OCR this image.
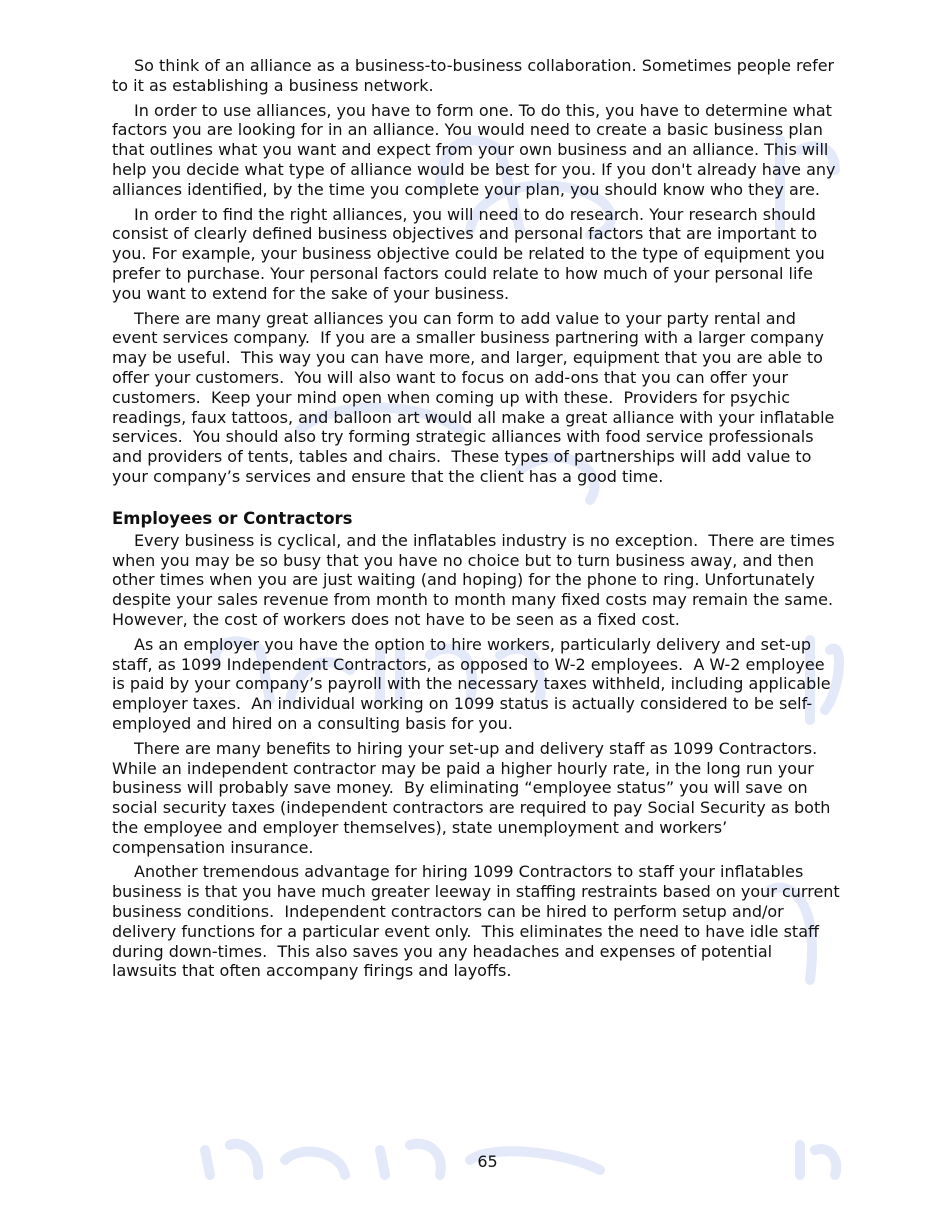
So think of an alliance as a business-to-business collaboration. Sometimes people refer to it as establishing a business network.

In order to use alliances, you have to form one. To do this, you have to determine what factors you are looking for in an alliance. You would need to create a basic business plan that outlines what you want and expect from your own business and an alliance. This will help you decide what type of alliance would be best for you. If you don't already have any alliances identified, by the time you complete your plan, you should know who they are.

In order to find the right alliances, you will need to do research. Your research should consist of clearly defined business objectives and personal factors that are important to you. For example, your business objective could be related to the type of equipment you prefer to purchase. Your personal factors could relate to how much of your personal life you want to extend for the sake of your business.

There are many great alliances you can form to add value to your party rental and event services company.  If you are a smaller business partnering with a larger company may be useful.  This way you can have more, and larger, equipment that you are able to offer your customers.  You will also want to focus on add-ons that you can offer your customers.  Keep your mind open when coming up with these.  Providers for psychic readings, faux tattoos, and balloon art would all make a great alliance with your inflatable services.  You should also try forming strategic alliances with food service professionals and providers of tents, tables and chairs.  These types of partnerships will add value to your company’s services and ensure that the client has a good time.

Employees or Contractors

Every business is cyclical, and the inflatables industry is no exception.  There are times when you may be so busy that you have no choice but to turn business away, and then other times when you are just waiting (and hoping) for the phone to ring. Unfortunately despite your sales revenue from month to month many fixed costs may remain the same.  However, the cost of workers does not have to be seen as a fixed cost.

As an employer you have the option to hire workers, particularly delivery and set-up staff, as 1099 Independent Contractors, as opposed to W-2 employees.  A W-2 employee is paid by your company’s payroll with the necessary taxes withheld, including applicable employer taxes.  An individual working on 1099 status is actually considered to be self-employed and hired on a consulting basis for you.

There are many benefits to hiring your set-up and delivery staff as 1099 Contractors. While an independent contractor may be paid a higher hourly rate, in the long run your business will probably save money.  By eliminating “employee status” you will save on social security taxes (independent contractors are required to pay Social Security as both the employee and employer themselves), state unemployment and workers’ compensation insurance.

Another tremendous advantage for hiring 1099 Contractors to staff your inflatables business is that you have much greater leeway in staffing restraints based on your current business conditions.  Independent contractors can be hired to perform setup and/or delivery functions for a particular event only.  This eliminates the need to have idle staff during down-times.  This also saves you any headaches and expenses of potential lawsuits that often accompany firings and layoffs.

65
